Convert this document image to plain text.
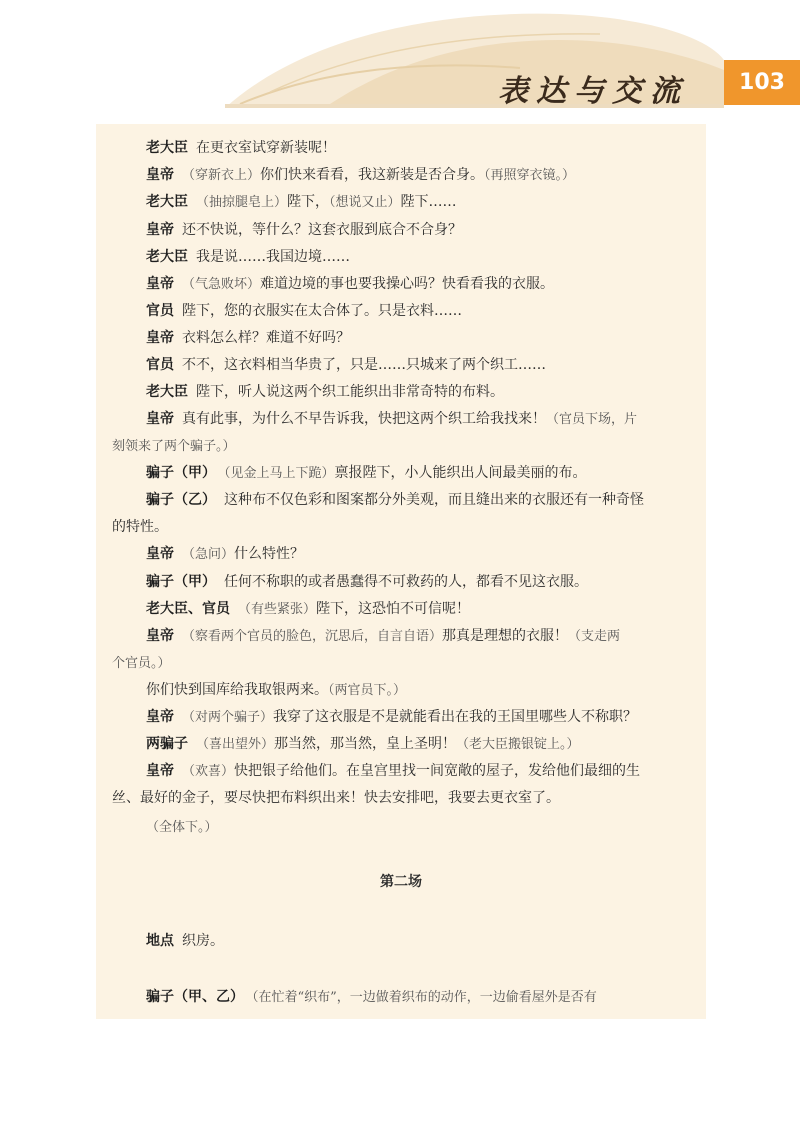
表达与交流	103
老大臣 在更衣室试穿新装呢！
皇帝 （穿新衣上）你们快来看看，我这新装是否合身。（再照穿衣镜。）
老大臣 （抽掠腿皂上）陛下，（想说又止）陛下……
皇帝 还不快说，等什么？这套衣服到底合不合身？
老大臣 我是说……我国边境……
皇帝 （气急败坏）难道边境的事也要我操心吗？快看看我的衣服。
官员 陛下，您的衣服实在太合体了。只是衣料……
皇帝 衣料怎么样？难道不好吗？
官员 不不，这衣料相当华贵了，只是……只城来了两个织工……
老大臣 陛下，听人说这两个织工能织出非常奇特的布料。
皇帝 真有此事，为什么不早告诉我，快把这两个织工给我找来！（官员下场，片
刻领来了两个骗子。）
骗子（甲） （见金上马上下跪）禀报陛下，小人能织出人间最美丽的布。
骗子（乙） 这种布不仅色彩和图案都分外美观，而且缝出来的衣服还有一种奇怪
的特性。
皇帝 （急问）什么特性？
骗子（甲） 任何不称职的或者愚蠢得不可救药的人，都看不见这衣服。
老大臣、官员 （有些紧张）陛下，这恐怕不可信呢！
皇帝 （察看两个官员的脸色，沉思后，自言自语）那真是理想的衣服！（支走两
个官员。）
你们快到国库给我取银两来。（两官员下。）
皇帝 （对两个骗子）我穿了这衣服是不是就能看出在我的王国里哪些人不称职？
两骗子 （喜出望外）那当然，那当然，皇上圣明！（老大臣搬银锭上。）
皇帝 （欢喜）快把银子给他们。在皇宫里找一间宽敞的屋子，发给他们最细的生
丝、最好的金子，要尽快把布料织出来！快去安排吧，我要去更衣室了。
（全体下。）
第二场
地点 织房。
骗子（甲、乙） （在忙着“织布”，一边做着织布的动作，一边偷看屋外是否有
